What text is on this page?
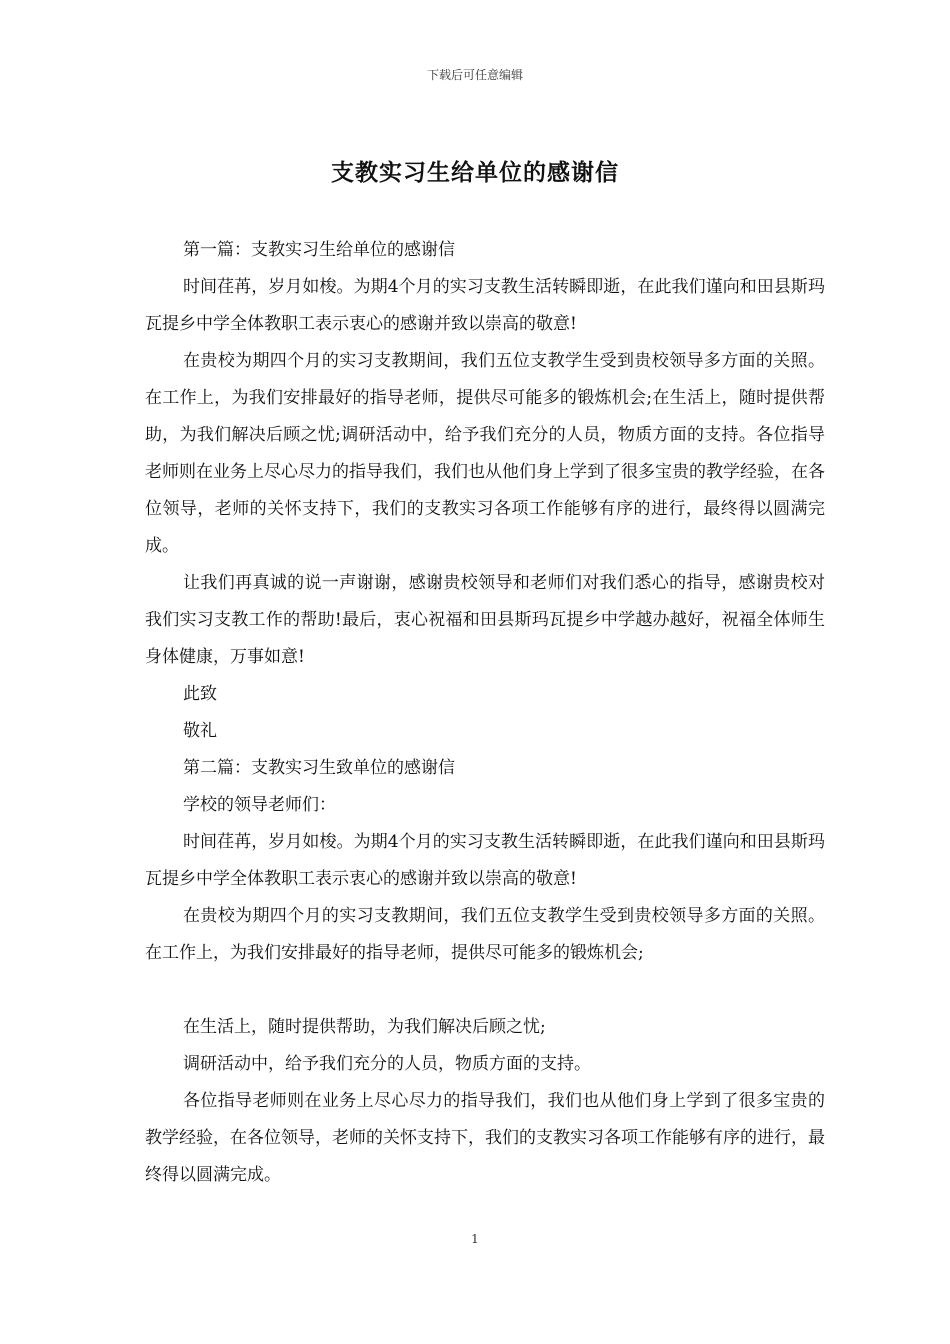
下载后可任意编辑
支教实习生给单位的感谢信

第一篇：支教实习生给单位的感谢信

时间荏苒，岁月如梭。为期4个月的实习支教生活转瞬即逝，在此我们谨向和田县斯玛瓦提乡中学全体教职工表示衷心的感谢并致以崇高的敬意!

在贵校为期四个月的实习支教期间，我们五位支教学生受到贵校领导多方面的关照。在工作上，为我们安排最好的指导老师，提供尽可能多的锻炼机会;在生活上，随时提供帮助，为我们解决后顾之忧;调研活动中，给予我们充分的人员，物质方面的支持。各位指导老师则在业务上尽心尽力的指导我们，我们也从他们身上学到了很多宝贵的教学经验，在各位领导，老师的关怀支持下，我们的支教实习各项工作能够有序的进行，最终得以圆满完成。

让我们再真诚的说一声谢谢，感谢贵校领导和老师们对我们悉心的指导，感谢贵校对我们实习支教工作的帮助!最后，衷心祝福和田县斯玛瓦提乡中学越办越好，祝福全体师生身体健康，万事如意!

此致

敬礼

第二篇：支教实习生致单位的感谢信

学校的领导老师们：

时间荏苒，岁月如梭。为期4个月的实习支教生活转瞬即逝，在此我们谨向和田县斯玛瓦提乡中学全体教职工表示衷心的感谢并致以崇高的敬意!

在贵校为期四个月的实习支教期间，我们五位支教学生受到贵校领导多方面的关照。在工作上，为我们安排最好的指导老师，提供尽可能多的锻炼机会;

在生活上，随时提供帮助，为我们解决后顾之忧;

调研活动中，给予我们充分的人员，物质方面的支持。

各位指导老师则在业务上尽心尽力的指导我们，我们也从他们身上学到了很多宝贵的教学经验，在各位领导，老师的关怀支持下，我们的支教实习各项工作能够有序的进行，最终得以圆满完成。

1
